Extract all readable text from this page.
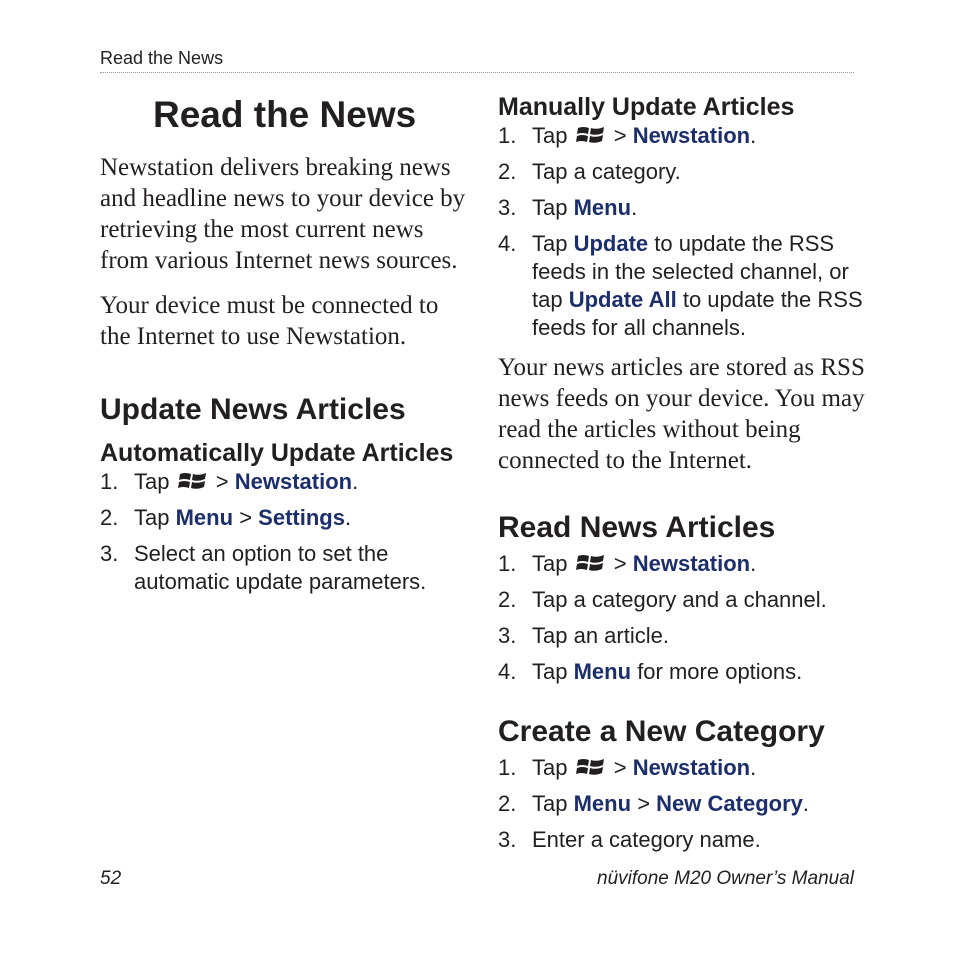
Read the News
Read the News

Newstation delivers breaking news and headline news to your device by retrieving the most current news from various Internet news sources.

Your device must be connected to the Internet to use Newstation.

Update News Articles
Automatically Update Articles
1. Tap > Newstation.
2. Tap Menu > Settings.
3. Select an option to set the automatic update parameters.
Manually Update Articles
1. Tap > Newstation.
2. Tap a category.
3. Tap Menu.
4. Tap Update to update the RSS feeds in the selected channel, or tap Update All to update the RSS feeds for all channels.

Your news articles are stored as RSS news feeds on your device. You may read the articles without being connected to the Internet.

Read News Articles
1. Tap > Newstation.
2. Tap a category and a channel.
3. Tap an article.
4. Tap Menu for more options.
Create a New Category
1. Tap > Newstation.
2. Tap Menu > New Category.
3. Enter a category name.
52	nüvifone M20 Owner’s Manual
